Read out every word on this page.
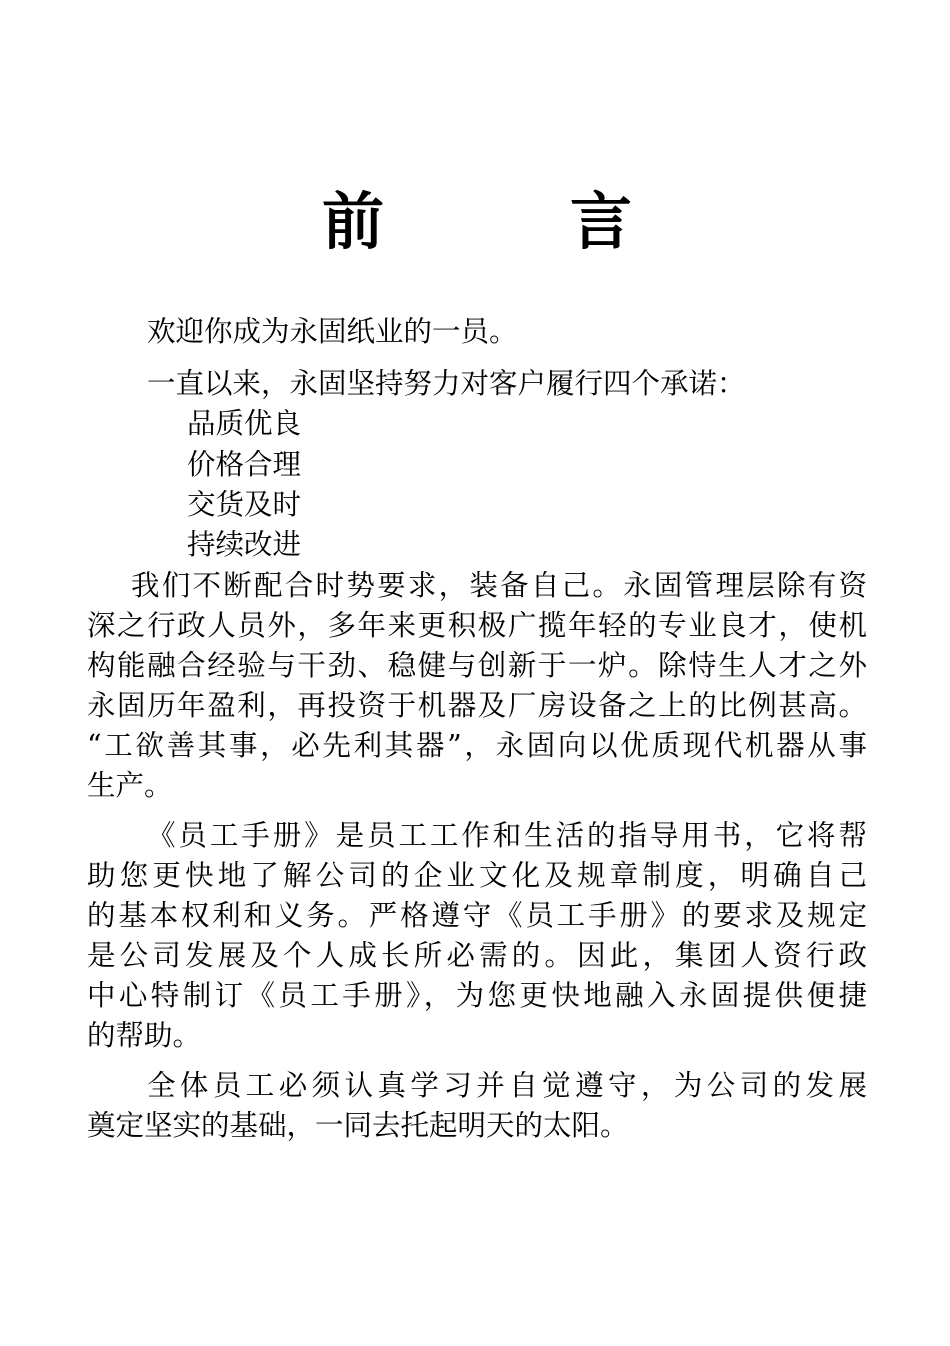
前	言
欢迎你成为永固纸业的一员。
一直以来，永固坚持努力对客户履行四个承诺：
品质优良
价格合理
交货及时
持续改进
我们不断配合时势要求，装备自己。永固管理层除有资
深之行政人员外，多年来更积极广揽年轻的专业良才，使机
构能融合经验与干劲、稳健与创新于一炉。除恃生人才之外
永固历年盈利，再投资于机器及厂房设备之上的比例甚高。
“工欲善其事，必先利其器”，永固向以优质现代机器从事
生产。
《员工手册》是员工工作和生活的指导用书，它将帮
助您更快地了解公司的企业文化及规章制度，明确自己
的基本权利和义务。严格遵守《员工手册》的要求及规定
是公司发展及个人成长所必需的。因此，集团人资行政
中心特制订《员工手册》，为您更快地融入永固提供便捷
的帮助。
全体员工必须认真学习并自觉遵守，为公司的发展
奠定坚实的基础，一同去托起明天的太阳。
